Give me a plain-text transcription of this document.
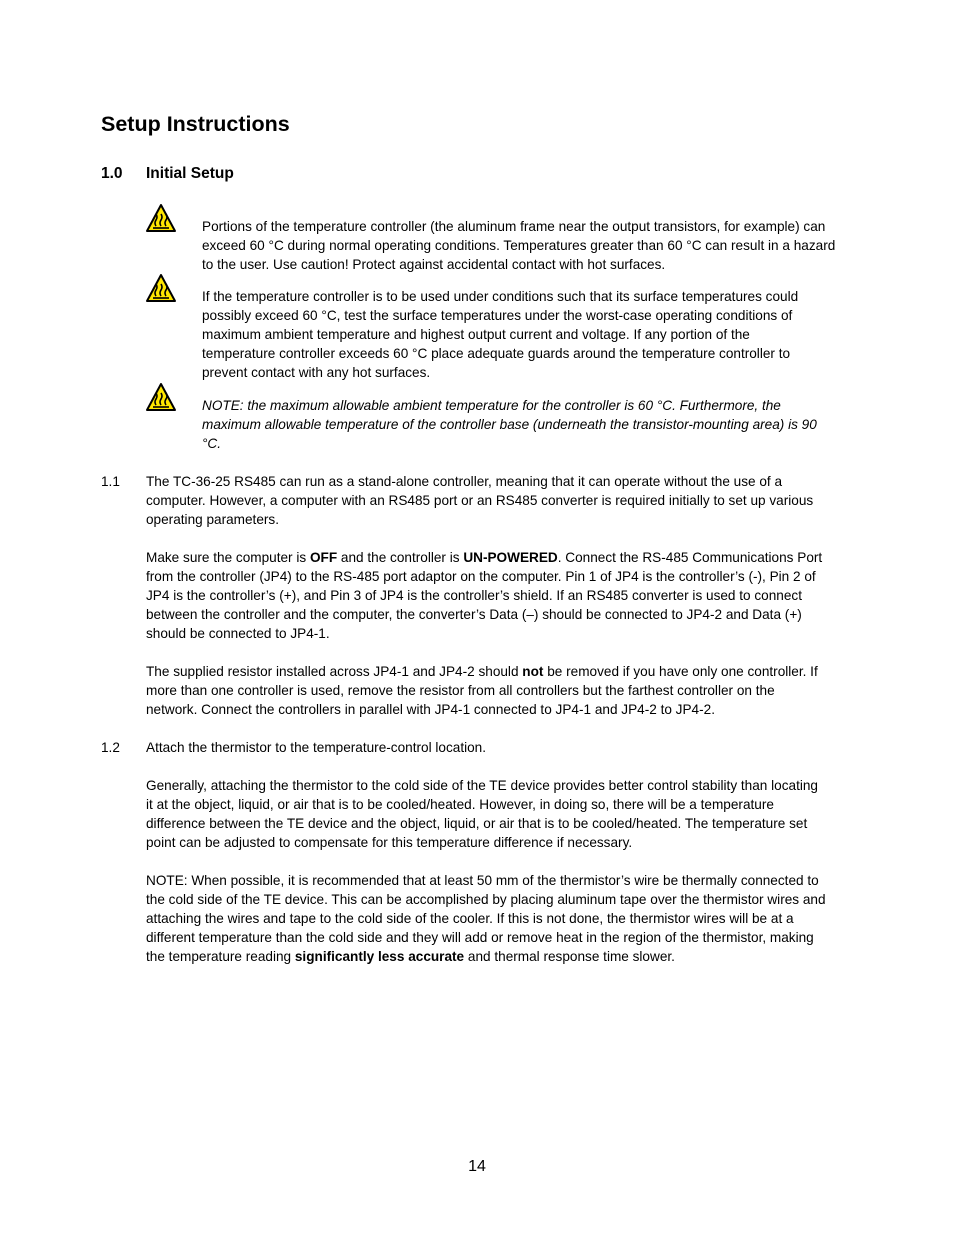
Setup Instructions
1.0 Initial Setup
Portions of the temperature controller (the aluminum frame near the output transistors, for example) can
exceed 60 °C during normal operating conditions. Temperatures greater than 60 °C can result in a hazard
to the user. Use caution! Protect against accidental contact with hot surfaces.
If the temperature controller is to be used under conditions such that its surface temperatures could
possibly exceed 60 °C, test the surface temperatures under the worst-case operating conditions of
maximum ambient temperature and highest output current and voltage. If any portion of the
temperature controller exceeds 60 °C place adequate guards around the temperature controller to
prevent contact with any hot surfaces.
NOTE: the maximum allowable ambient temperature for the controller is 60 °C. Furthermore, the
maximum allowable temperature of the controller base (underneath the transistor-mounting area) is 90
°C.
1.1 The TC-36-25 RS485 can run as a stand-alone controller, meaning that it can operate without the use of a
computer. However, a computer with an RS485 port or an RS485 converter is required initially to set up various
operating parameters.
Make sure the computer is OFF and the controller is UN-POWERED. Connect the RS-485 Communications Port
from the controller (JP4) to the RS-485 port adaptor on the computer. Pin 1 of JP4 is the controller’s (-), Pin 2 of
JP4 is the controller’s (+), and Pin 3 of JP4 is the controller’s shield. If an RS485 converter is used to connect
between the controller and the computer, the converter’s Data (–) should be connected to JP4-2 and Data (+)
should be connected to JP4-1.
The supplied resistor installed across JP4-1 and JP4-2 should not be removed if you have only one controller. If
more than one controller is used, remove the resistor from all controllers but the farthest controller on the
network. Connect the controllers in parallel with JP4-1 connected to JP4-1 and JP4-2 to JP4-2.
1.2 Attach the thermistor to the temperature-control location.
Generally, attaching the thermistor to the cold side of the TE device provides better control stability than locating
it at the object, liquid, or air that is to be cooled/heated. However, in doing so, there will be a temperature
difference between the TE device and the object, liquid, or air that is to be cooled/heated. The temperature set
point can be adjusted to compensate for this temperature difference if necessary.
NOTE: When possible, it is recommended that at least 50 mm of the thermistor’s wire be thermally connected to
the cold side of the TE device. This can be accomplished by placing aluminum tape over the thermistor wires and
attaching the wires and tape to the cold side of the cooler. If this is not done, the thermistor wires will be at a
different temperature than the cold side and they will add or remove heat in the region of the thermistor, making
the temperature reading significantly less accurate and thermal response time slower.
14
